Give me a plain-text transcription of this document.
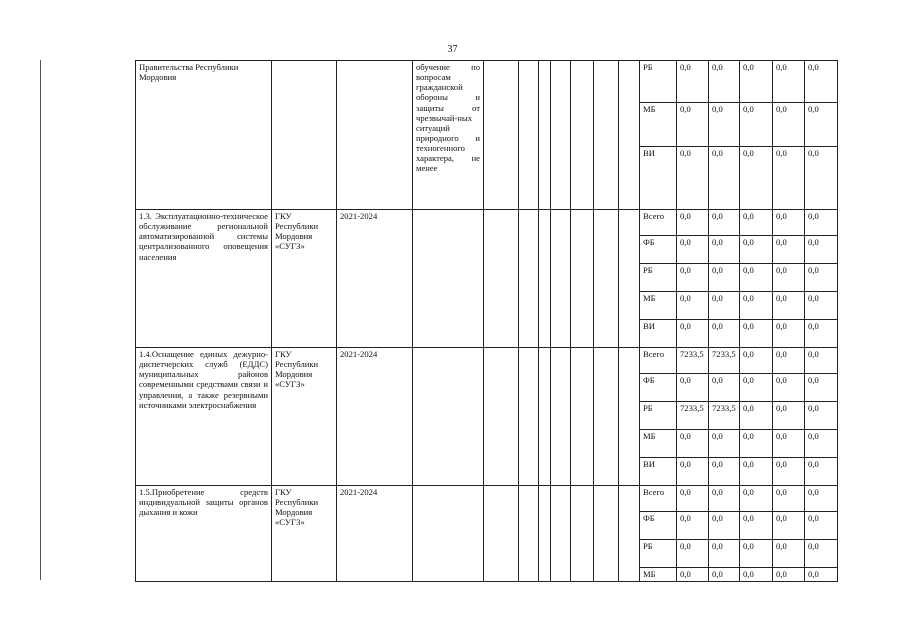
37
Правительства Республики Мордовия			обучение по вопросам гражданской обороны и защиты от чрезвычай-ных ситуаций природного и техногенного характера, не менее								РБ	0,0	0,0	0,0	0,0	0,0
											МБ	0,0	0,0	0,0	0,0	0,0
											ВИ	0,0	0,0	0,0	0,0	0,0
1.3. Эксплуатационно-техническое обслуживание региональной автоматизированной системы централизованного оповещения населения	ГКУ Республики Мордовия «СУГЗ»	2021-2024									Всего	0,0	0,0	0,0	0,0	0,0
											ФБ	0,0	0,0	0,0	0,0	0,0
											РБ	0,0	0,0	0,0	0,0	0,0
											МБ	0,0	0,0	0,0	0,0	0,0
											ВИ	0,0	0,0	0,0	0,0	0,0
1.4.Оснащение единых дежурно-диспетчерских служб (ЕДДС) муниципальных районов современными средствами связи и управления, а также резервными источниками электроснабжения	ГКУ Республики Мордовия «СУГЗ»	2021-2024									Всего	7233,5	7233,5	0,0	0,0	0,0
											ФБ	0,0	0,0	0,0	0,0	0,0
											РБ	7233,5	7233,5	0,0	0,0	0,0
											МБ	0,0	0,0	0,0	0,0	0,0
											ВИ	0,0	0,0	0,0	0,0	0,0
1.5.Приобретение средств индивидуальной защиты органов дыхания и кожи	ГКУ Республики Мордовия «СУГЗ»	2021-2024									Всего	0,0	0,0	0,0	0,0	0,0
											ФБ	0,0	0,0	0,0	0,0	0,0
											РБ	0,0	0,0	0,0	0,0	0,0
											МБ	0,0	0,0	0,0	0,0	0,0
